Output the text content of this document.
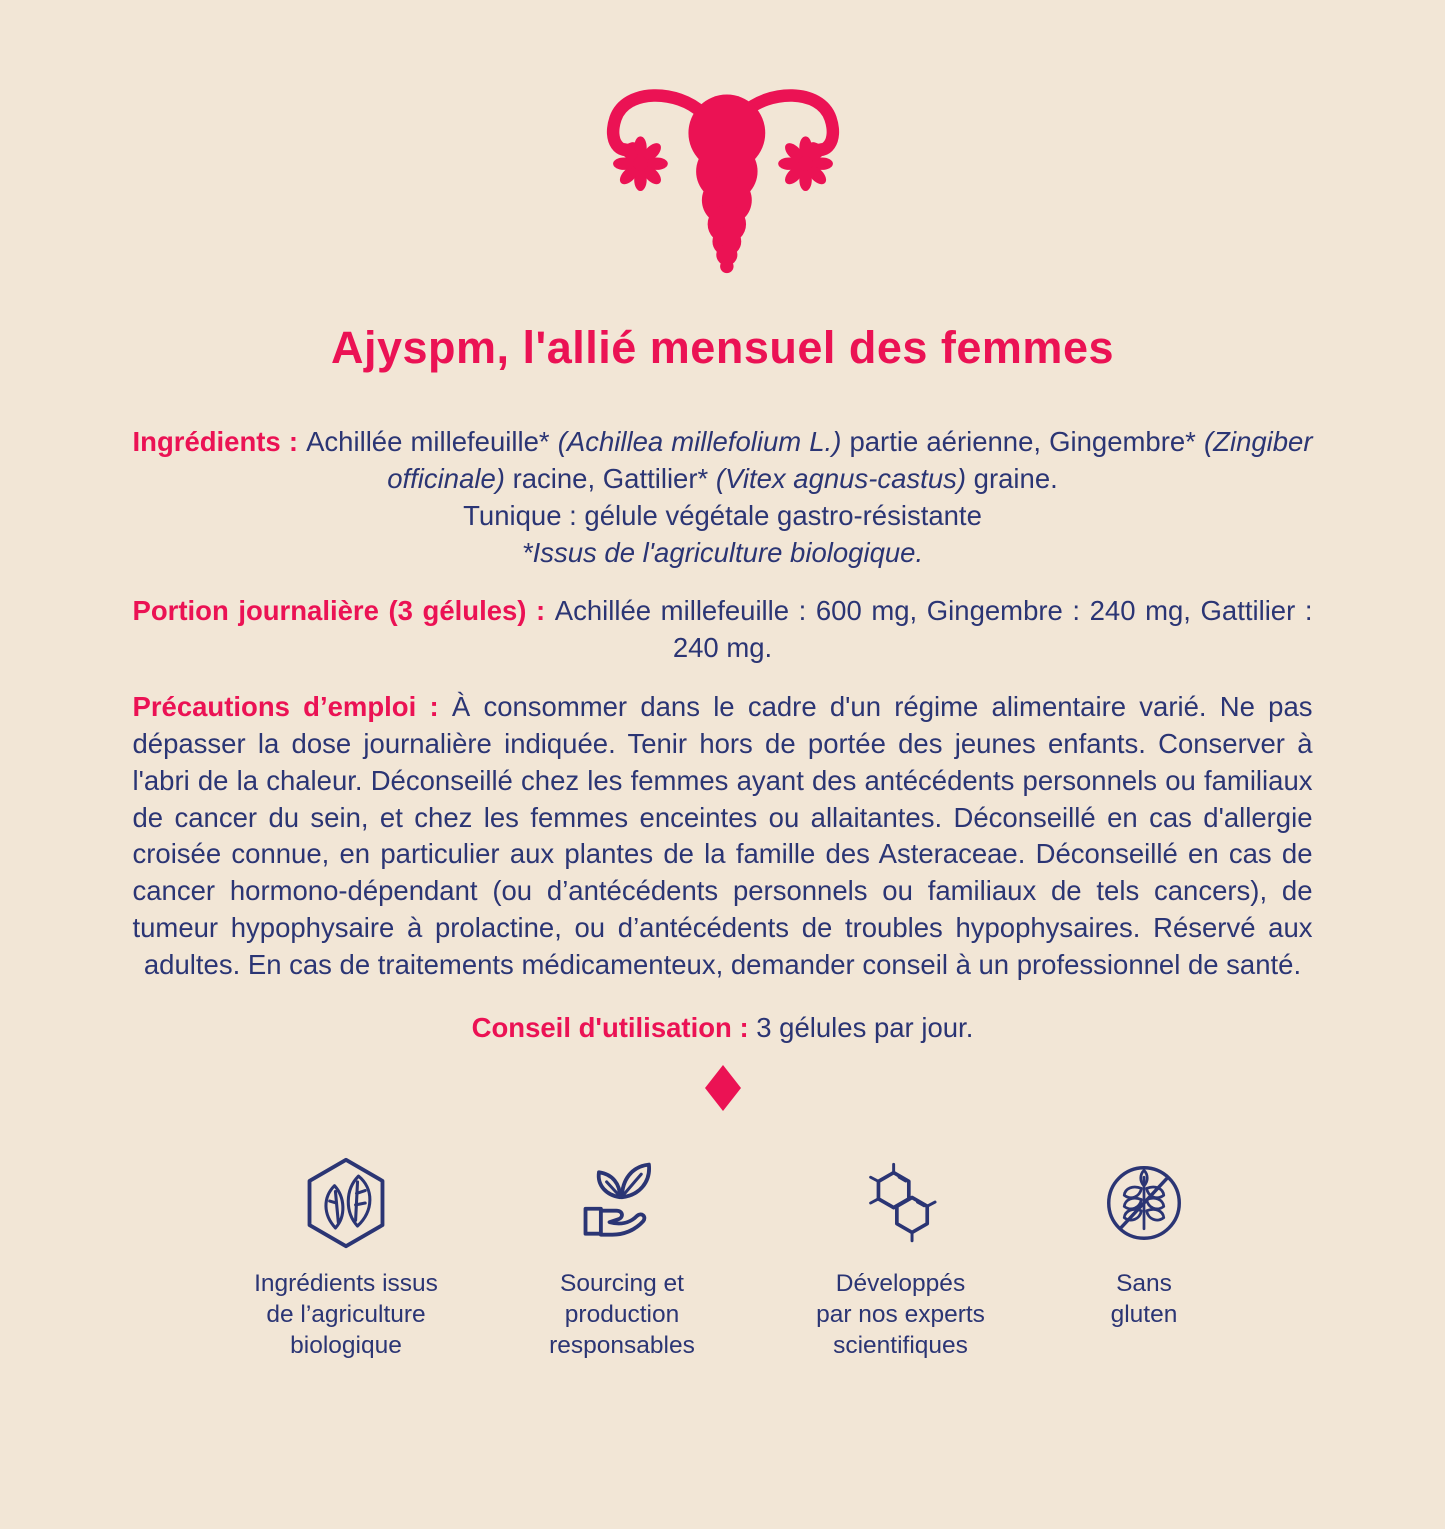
Ajyspm, l'allié mensuel des femmes

Ingrédients : Achillée millefeuille* (Achillea millefolium L.) partie aérienne, Gingembre* (Zingiber officinale) racine, Gattilier* (Vitex agnus-castus) graine.

Tunique : gélule végétale gastro-résistante

*Issus de l'agriculture biologique.

Portion journalière (3 gélules) : Achillée millefeuille : 600 mg, Gingembre : 240 mg, Gattilier : 240 mg.

Précautions d’emploi : À consommer dans le cadre d'un régime alimentaire varié. Ne pas dépasser la dose journalière indiquée. Tenir hors de portée des jeunes enfants. Conserver à l'abri de la chaleur. Déconseillé chez les femmes ayant des antécédents personnels ou familiaux de cancer du sein, et chez les femmes enceintes ou allaitantes. Déconseillé en cas d'allergie croisée connue, en particulier aux plantes de la famille des Asteraceae. Déconseillé en cas de cancer hormono-dépendant (ou d’antécédents personnels ou familiaux de tels cancers), de tumeur hypophysaire à prolactine, ou d’antécédents de troubles hypophysaires. Réservé aux adultes. En cas de traitements médicamenteux, demander conseil à un professionnel de santé.

Conseil d'utilisation : 3 gélules par jour.

Ingrédients issus
de l’agriculture
biologique
Sourcing et
production
responsables
Développés
par nos experts
scientifiques
Sans
gluten
